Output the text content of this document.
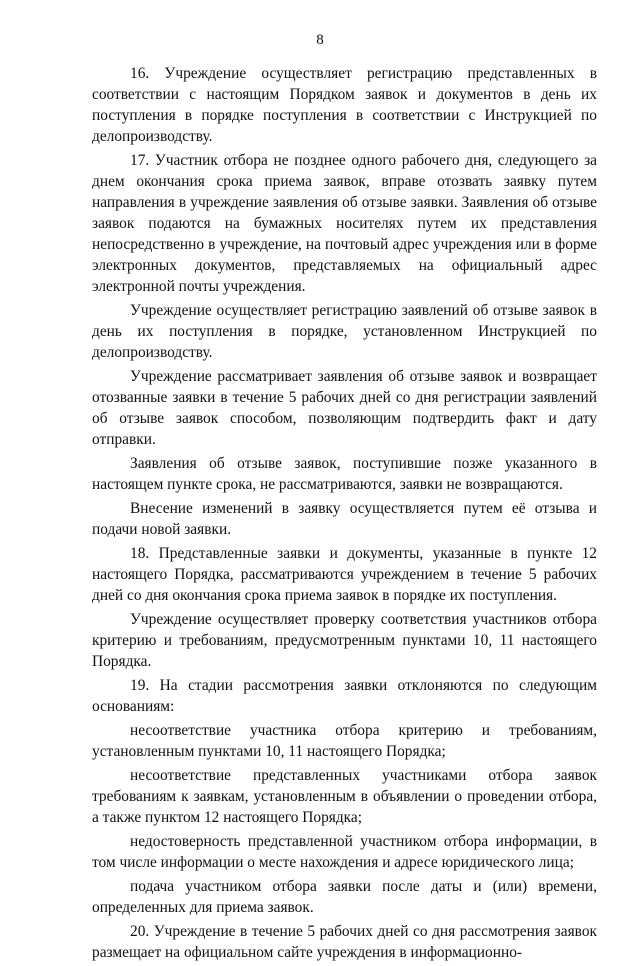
8

16. Учреждение осуществляет регистрацию представленных в соответствии с настоящим Порядком заявок и документов в день их поступления в порядке поступления в соответствии с Инструкцией по делопроизводству.

17. Участник отбора не позднее одного рабочего дня, следующего за днем окончания срока приема заявок, вправе отозвать заявку путем направления в учреждение заявления об отзыве заявки. Заявления об отзыве заявок подаются на бумажных носителях путем их представления непосредственно в учреждение, на почтовый адрес учреждения или в форме электронных документов, представляемых на официальный адрес электронной почты учреждения.

Учреждение осуществляет регистрацию заявлений об отзыве заявок в день их поступления в порядке, установленном Инструкцией по делопроизводству.

Учреждение рассматривает заявления об отзыве заявок и возвращает отозванные заявки в течение 5 рабочих дней со дня регистрации заявлений об отзыве заявок способом, позволяющим подтвердить факт и дату отправки.

Заявления об отзыве заявок, поступившие позже указанного в настоящем пункте срока, не рассматриваются, заявки не возвращаются.

Внесение изменений в заявку осуществляется путем её отзыва и подачи новой заявки.

18. Представленные заявки и документы, указанные в пункте 12 настоящего Порядка, рассматриваются учреждением в течение 5 рабочих дней со дня окончания срока приема заявок в порядке их поступления.

Учреждение осуществляет проверку соответствия участников отбора критерию и требованиям, предусмотренным пунктами 10, 11 настоящего Порядка.

19. На стадии рассмотрения заявки отклоняются по следующим основаниям:

несоответствие участника отбора критерию и требованиям, установленным пунктами 10, 11 настоящего Порядка;

несоответствие представленных участниками отбора заявок требованиям к заявкам, установленным в объявлении о проведении отбора, а также пунктом 12 настоящего Порядка;

недостоверность представленной участником отбора информации, в том числе информации о месте нахождения и адресе юридического лица;

подача участником отбора заявки после даты и (или) времени, определенных для приема заявок.

20. Учреждение в течение 5 рабочих дней со дня рассмотрения заявок размещает на официальном сайте учреждения в информационно-
